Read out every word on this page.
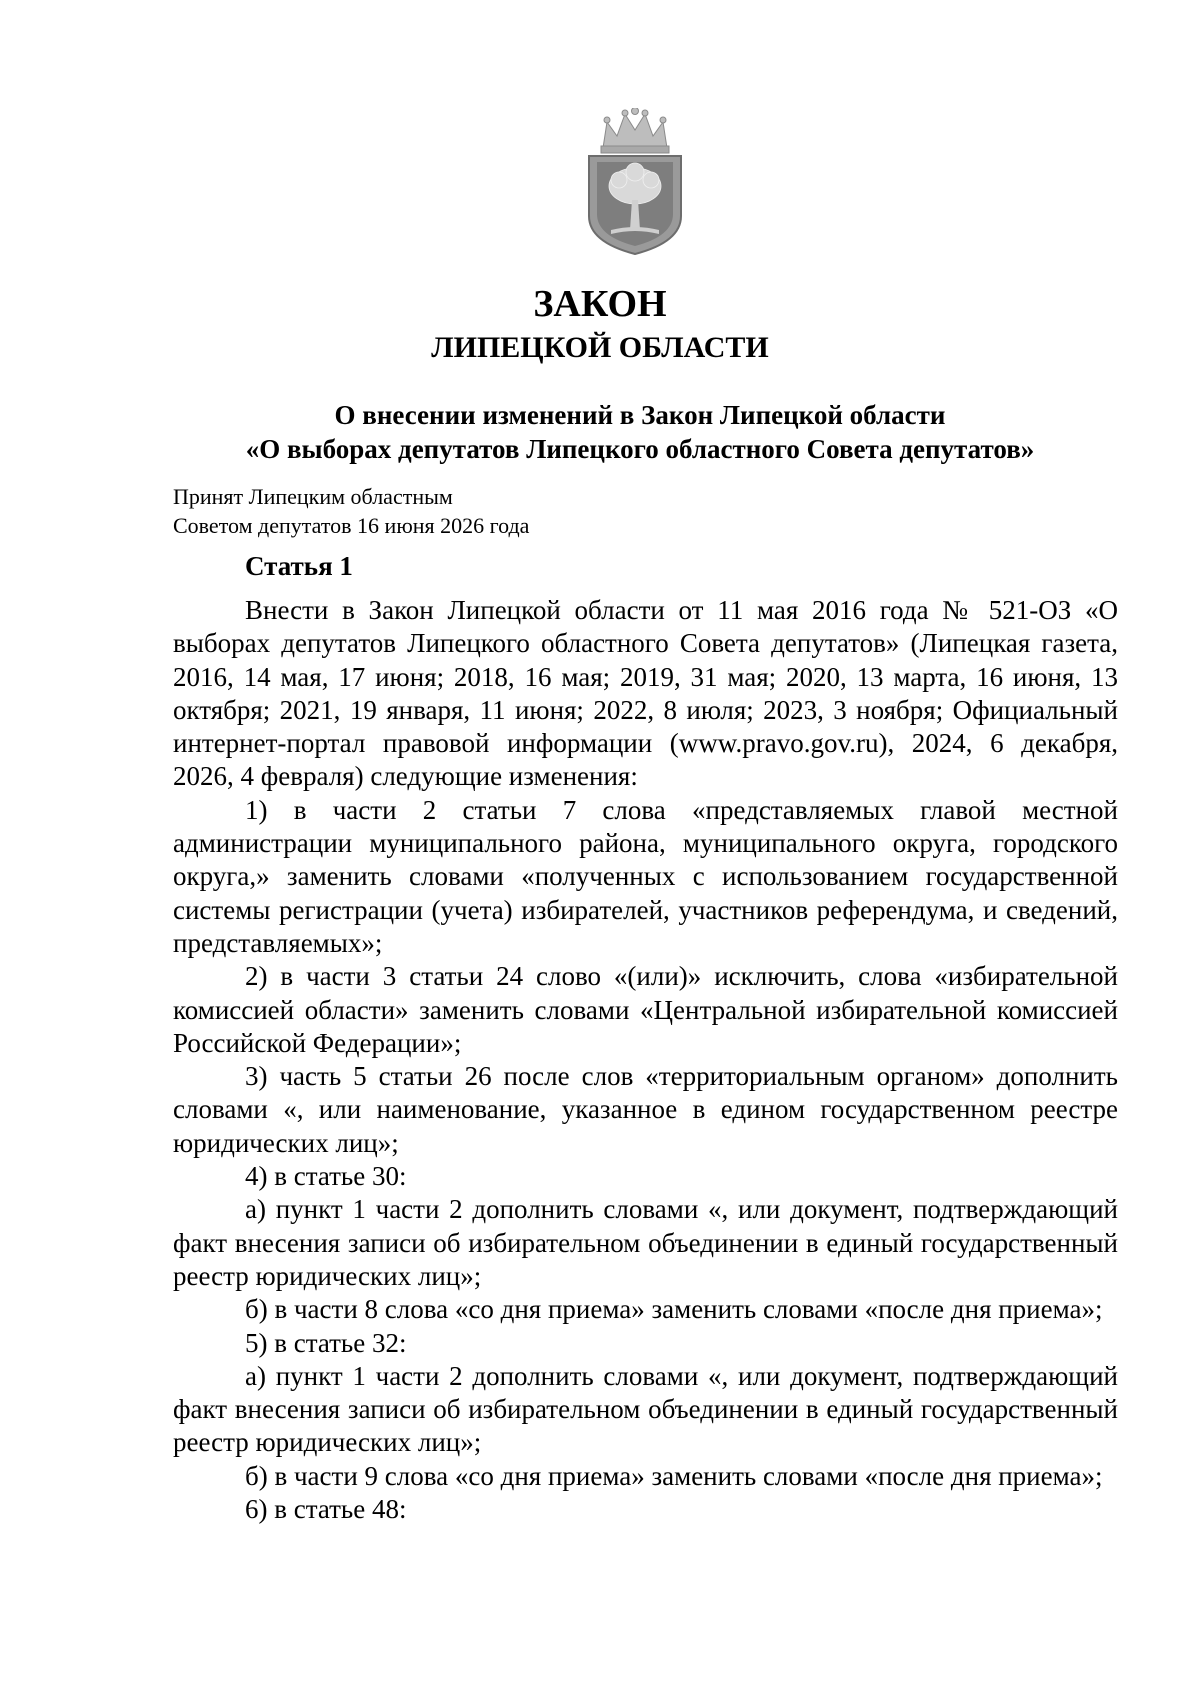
ЗАКОН
ЛИПЕЦКОЙ ОБЛАСТИ
О внесении изменений в Закон Липецкой области
«О выборах депутатов Липецкого областного Совета депутатов»
Принят Липецким областным
Советом депутатов 16 июня 2026 года
Статья 1

Внести в Закон Липецкой области от 11 мая 2016 года № 521-ОЗ «О выборах депутатов Липецкого областного Совета депутатов» (Липецкая газета, 2016, 14 мая, 17 июня; 2018, 16 мая; 2019, 31 мая; 2020, 13 марта, 16 июня, 13 октября; 2021, 19 января, 11 июня; 2022, 8 июля; 2023, 3 ноября; Официальный интернет-портал правовой информации (www.pravo.gov.ru), 2024, 6 декабря, 2026, 4 февраля) следующие изменения:

1) в части 2 статьи 7 слова «представляемых главой местной администрации муниципального района, муниципального округа, городского округа,» заменить словами «полученных с использованием государственной системы регистрации (учета) избирателей, участников референдума, и сведений, представляемых»;

2) в части 3 статьи 24 слово «(или)» исключить, слова «избирательной комиссией области» заменить словами «Центральной избирательной комиссией Российской Федерации»;

3) часть 5 статьи 26 после слов «территориальным органом» дополнить словами «, или наименование, указанное в едином государственном реестре юридических лиц»;

4) в статье 30:

а) пункт 1 части 2 дополнить словами «, или документ, подтверждающий факт внесения записи об избирательном объединении в единый государственный реестр юридических лиц»;

б) в части 8 слова «со дня приема» заменить словами «после дня приема»;

5) в статье 32:

а) пункт 1 части 2 дополнить словами «, или документ, подтверждающий факт внесения записи об избирательном объединении в единый государственный реестр юридических лиц»;

б) в части 9 слова «со дня приема» заменить словами «после дня приема»;

6) в статье 48:
